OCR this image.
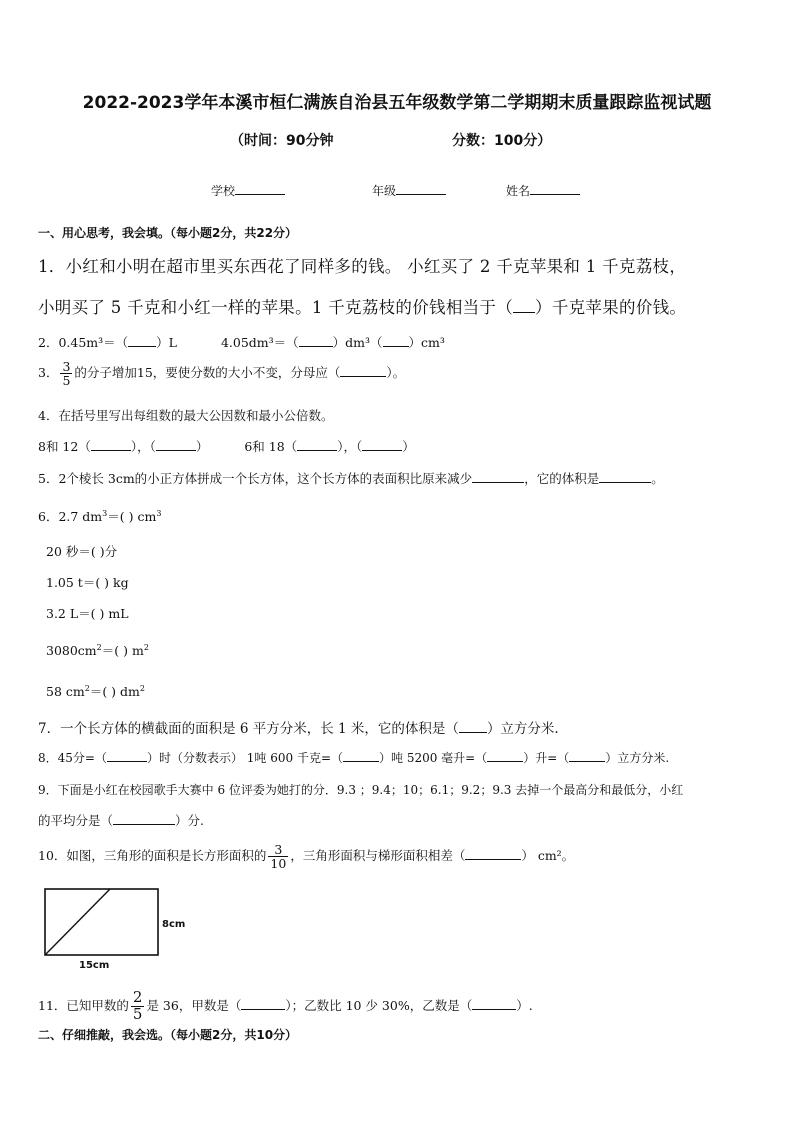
2022-2023学年本溪市桓仁满族自治县五年级数学第二学期期末质量跟踪监视试题
（时间：90分钟	分数：100分）
学校	年级	姓名
一、用心思考，我会填。（每小题2分，共22分）
1．小红和小明在超市里买东西花了同样多的钱。 小红买了 2 千克苹果和 1 千克荔枝，
小明买了 5 千克和小红一样的苹果。1 千克荔枝的价钱相当于（ ）千克苹果的价钱。
2．0.45m³＝（ ）L	4.05dm³＝（	）dm³（ ）cm³
3． $\frac{3}{5}$ 的分子增加15，要使分数的大小不变，分母应（	）。
4．在括号里写出每组数的最大公因数和最小公倍数。
8和 12（	），（	）	6和 18（	），（	）
5．2个棱长 3cm的小正方体拼成一个长方体，这个长方体的表面积比原来减少	，它的体积是	。
6．2.7 $dm^3=$( ) $cm^3$
20 秒＝( )分
1.05 t＝( ) kg
3.2 L＝( ) mL
$3080cm^2=$( ) $m^2$
58 $cm^2=$( ) $dm^2$
7．一个长方体的横截面的面积是 6 平方分米，长 1 米，它的体积是（ ）立方分米.
8．45分=（	）时（分数表示） 1吨 600 千克=（	）吨 5200 毫升=（	）升=（	）立方分米.
9．下面是小红在校园歌手大赛中 6 位评委为她打的分．9.3 ；9.4；10；6.1；9.2；9.3 去掉一个最高分和最低分，小红
的平均分是（	）分.
10．如图，三角形的面积是长方形面积的 $\frac{3}{10}$ ，三角形面积与梯形面积相差（	） cm²。
8cm
15cm
11．已知甲数的 $\frac{2}{5}$ 是 36，甲数是（	）；乙数比 10 少 30%，乙数是（	）.
二、仔细推敲，我会选。（每小题2分，共10分）
